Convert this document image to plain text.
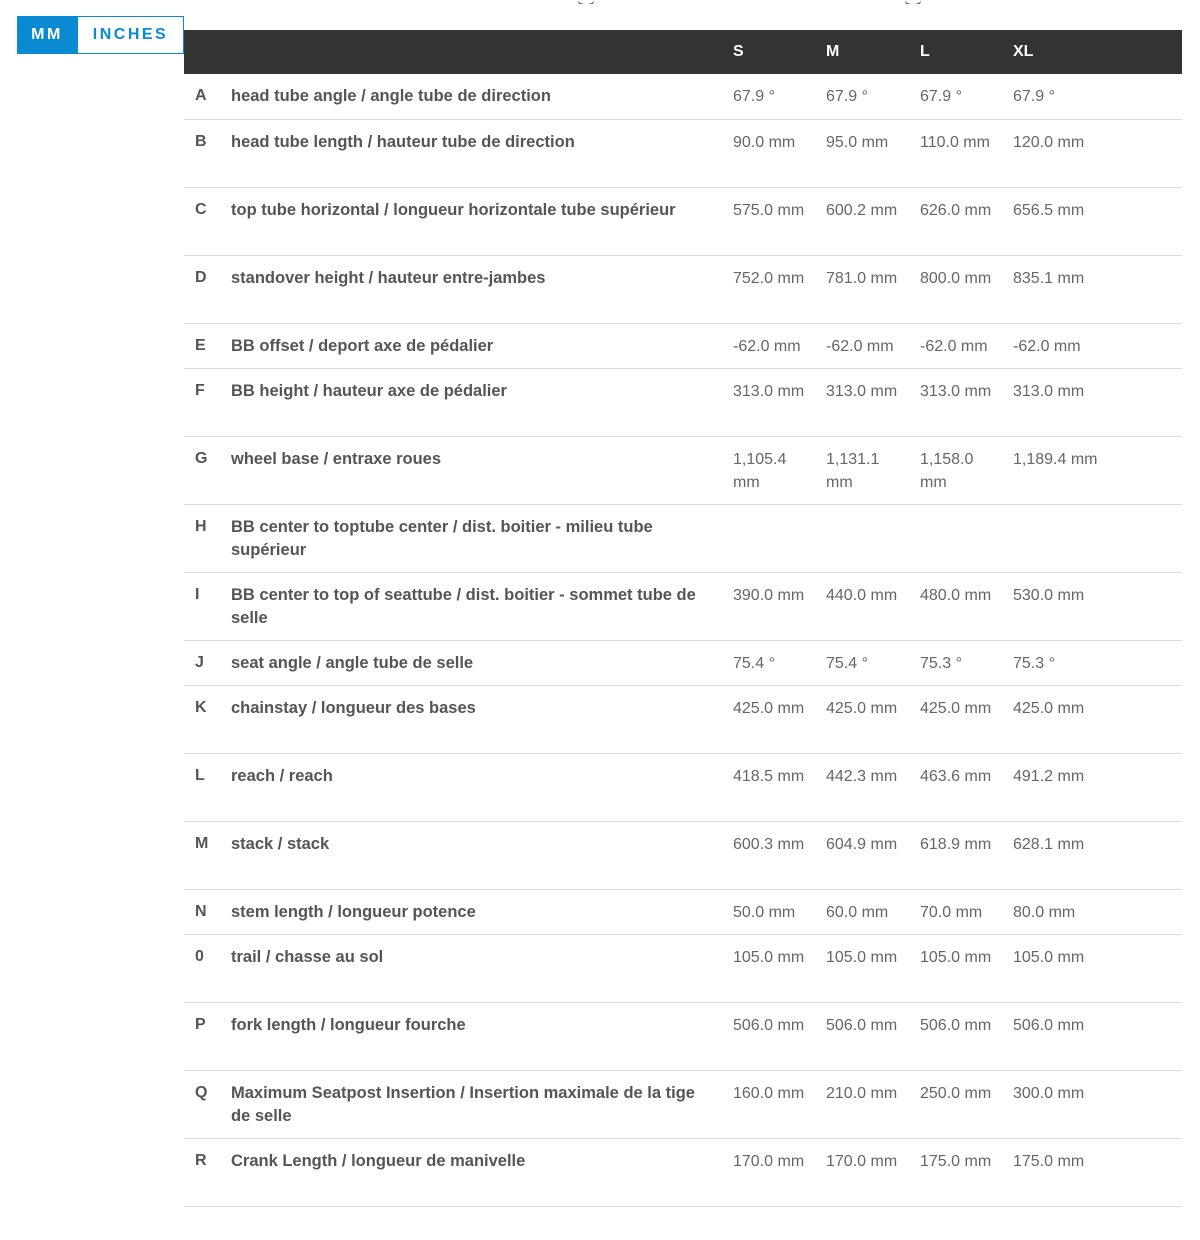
MM	INCHES
		S	M	L	XL
A	head tube angle / angle tube de direction	67.9 °	67.9 °	67.9 °	67.9 °
B	head tube length / hauteur tube de direction	90.0 mm	95.0 mm	110.0 mm	120.0 mm
C	top tube horizontal / longueur horizontale tube supérieur	575.0 mm	600.2 mm	626.0 mm	656.5 mm
D	standover height / hauteur entre-jambes	752.0 mm	781.0 mm	800.0 mm	835.1 mm
E	BB offset / deport axe de pédalier	-62.0 mm	-62.0 mm	-62.0 mm	-62.0 mm
F	BB height / hauteur axe de pédalier	313.0 mm	313.0 mm	313.0 mm	313.0 mm
G	wheel base / entraxe roues	1,105.4 mm	1,131.1 mm	1,158.0 mm	1,189.4 mm
H	BB center to toptube center / dist. boitier - milieu tube supérieur				
I	BB center to top of seattube / dist. boitier - sommet tube de selle	390.0 mm	440.0 mm	480.0 mm	530.0 mm
J	seat angle / angle tube de selle	75.4 °	75.4 °	75.3 °	75.3 °
K	chainstay / longueur des bases	425.0 mm	425.0 mm	425.0 mm	425.0 mm
L	reach / reach	418.5 mm	442.3 mm	463.6 mm	491.2 mm
M	stack / stack	600.3 mm	604.9 mm	618.9 mm	628.1 mm
N	stem length / longueur potence	50.0 mm	60.0 mm	70.0 mm	80.0 mm
0	trail / chasse au sol	105.0 mm	105.0 mm	105.0 mm	105.0 mm
P	fork length / longueur fourche	506.0 mm	506.0 mm	506.0 mm	506.0 mm
Q	Maximum Seatpost Insertion / Insertion maximale de la tige de selle	160.0 mm	210.0 mm	250.0 mm	300.0 mm
R	Crank Length / longueur de manivelle	170.0 mm	170.0 mm	175.0 mm	175.0 mm
